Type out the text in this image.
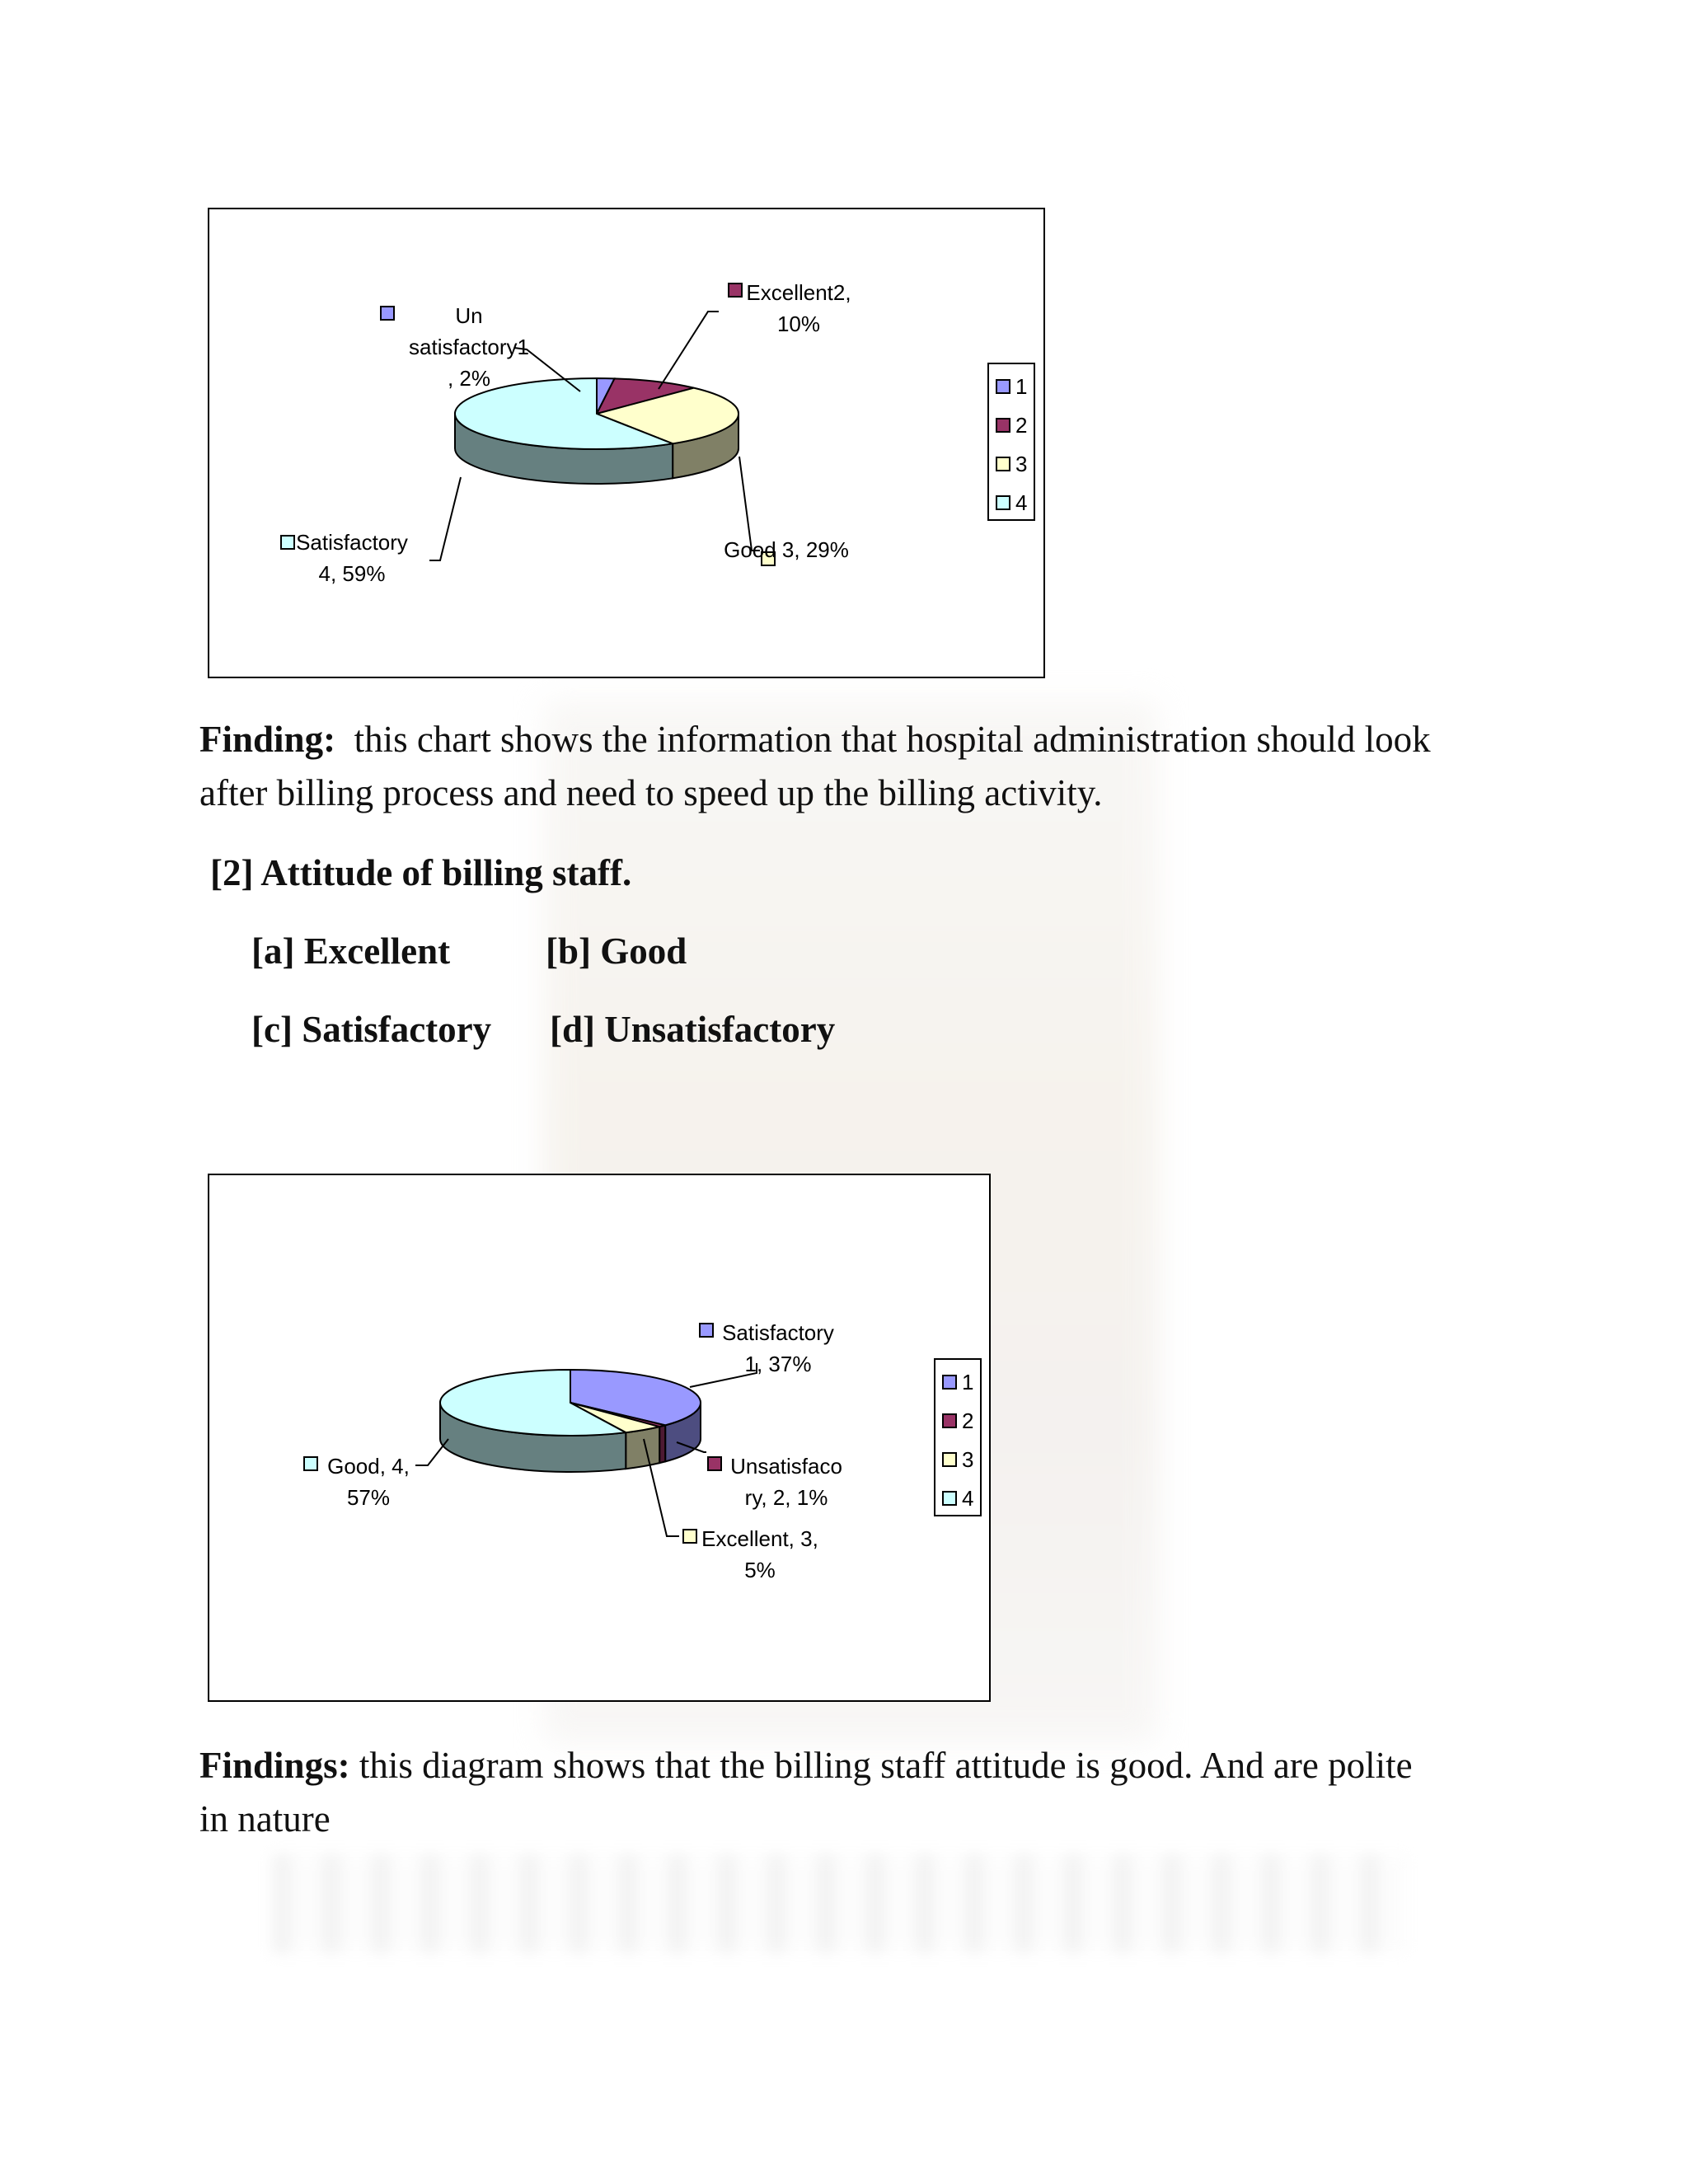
Un
satisfactory1
, 2%
Excellent2,
10%
Good 3, 29%
Satisfactory
4, 59%
1
2
3
4

Finding: this chart shows the information that hospital administration should look
after billing process and need to speed up the billing activity.

[2] Attitude of billing staff.
[a] Excellent	[b] Good
[c] Satisfactory [d] Unsatisfactory
Satisfactory
1, 37%
Unsatisfaco
ry, 2, 1%
Excellent, 3,
5%
Good, 4,
57%
1
2
3
4

Findings: this diagram shows that the billing staff attitude is good. And are polite
in nature
